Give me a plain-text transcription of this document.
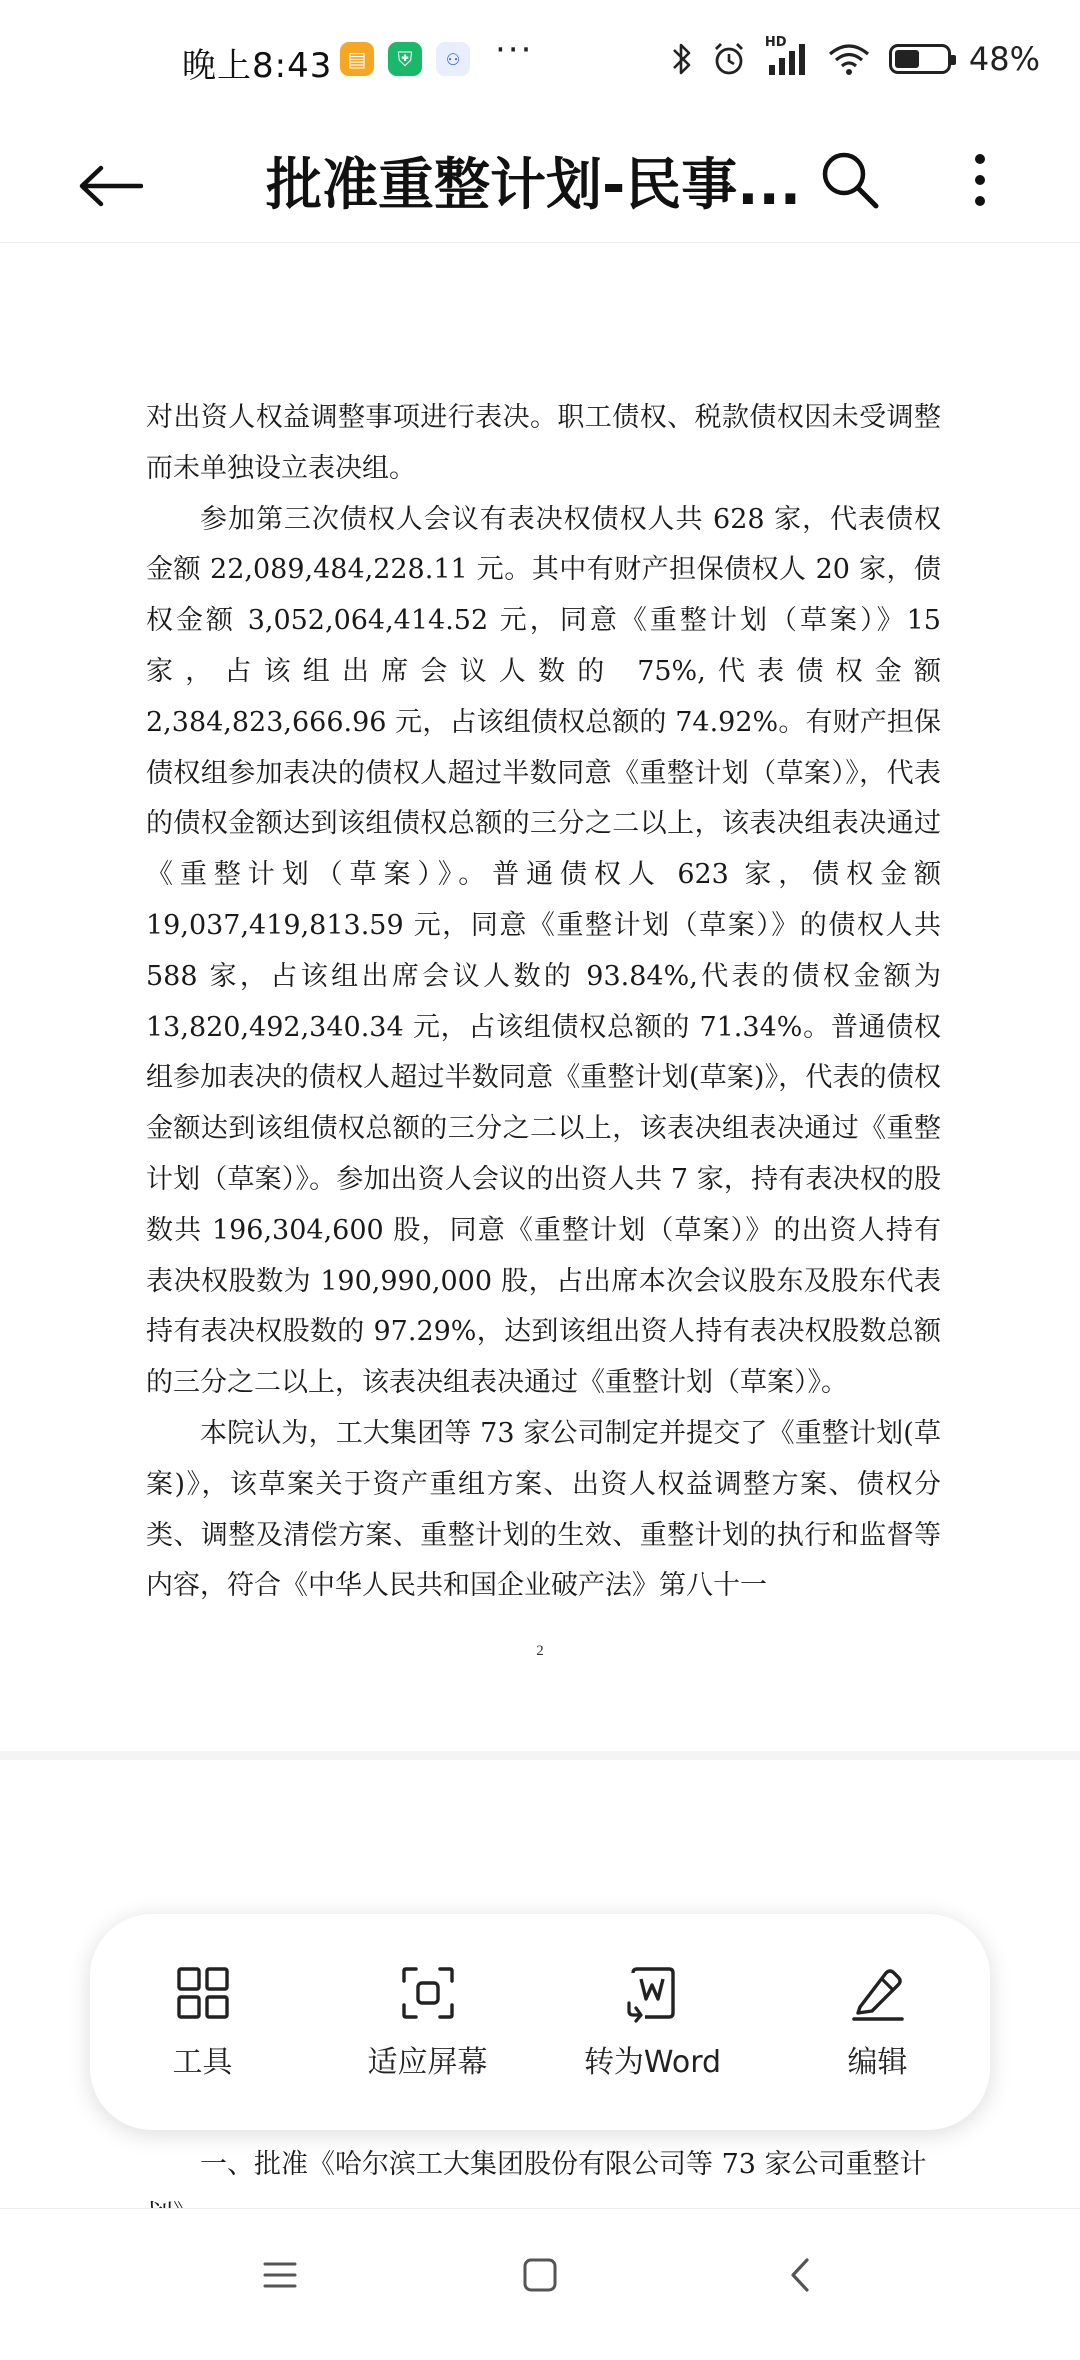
晚上8:43 ▤	⛨	⚇ ···	HD	48%
批准重整计划-民事...

对出资人权益调整事项进行表决。职工债权、税款债权因未受调整而未单独设立表决组。

参加第三次债权人会议有表决权债权人共 628 家，代表债权金额 22,089,484,228.11 元。其中有财产担保债权人 20 家，债权金额 3,052,064,414.52 元，同意《重整计划（草案）》15 家，占该组出席会议人数的 75%,代表债权金额 2,384,823,666.96 元，占该组债权总额的 74.92%。有财产担保债权组参加表决的债权人超过半数同意《重整计划（草案）》，代表的债权金额达到该组债权总额的三分之二以上，该表决组表决通过《重整计划（草案）》。普通债权人 623 家，债权金额 19,037,419,813.59 元，同意《重整计划（草案）》的债权人共 588 家，占该组出席会议人数的 93.84%,代表的债权金额为 13,820,492,340.34 元，占该组债权总额的 71.34%。普通债权组参加表决的债权人超过半数同意《重整计划(草案)》，代表的债权金额达到该组债权总额的三分之二以上，该表决组表决通过《重整计划（草案）》。参加出资人会议的出资人共 7 家，持有表决权的股数共 196,304,600 股，同意《重整计划（草案）》的出资人持有表决权股数为 190,990,000 股，占出席本次会议股东及股东代表持有表决权股数的 97.29%，达到该组出资人持有表决权股数总额的三分之二以上，该表决组表决通过《重整计划（草案）》。

本院认为，工大集团等 73 家公司制定并提交了《重整计划(草案)》，该草案关于资产重组方案、出资人权益调整方案、债权分类、调整及清偿方案、重整计划的生效、重整计划的执行和监督等内容，符合《中华人民共和国企业破产法》第八十一

2
一、批准《哈尔滨工大集团股份有限公司等 73 家公司重整计
工具	适应屏幕	转为Word	编辑
